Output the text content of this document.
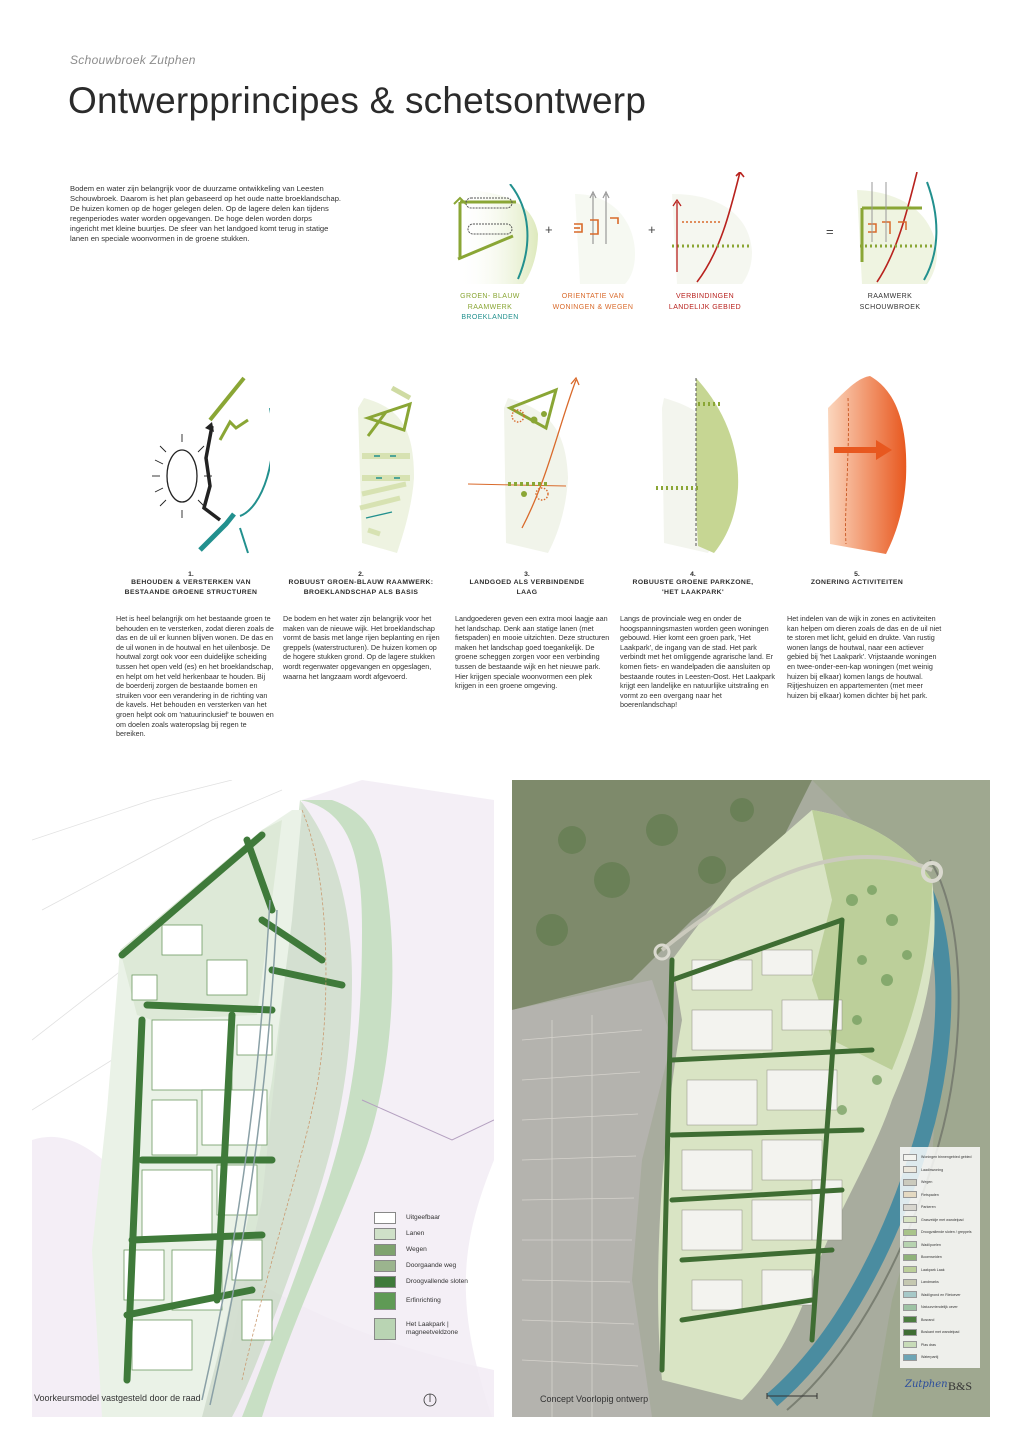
Schouwbroek Zutphen
Ontwerpprincipes & schetsontwerp

Bodem en water zijn belangrijk voor de duurzame ontwikkeling van Leesten Schouwbroek. Daarom is het plan gebaseerd op het oude natte broeklandschap. De huizen komen op de hoger gelegen delen. Op de lagere delen kan tijdens regenperiodes water worden opgevangen. De hoge delen worden dorps ingericht met kleine buurtjes. De sfeer van het landgoed komt terug in statige lanen en speciale woonvormen in de groene stukken.

+	+	=
GROEN- BLAUW
RAAMWERK
BROEKLANDEN
ORIENTATIE VAN
WONINGEN & WEGEN
VERBINDINGEN
LANDELIJK GEBIED
RAAMWERK
SCHOUWBROEK
1.
BEHOUDEN & VERSTERKEN VAN
BESTAANDE GROENE STRUCTUREN

Het is heel belangrijk om het bestaande groen te behouden en te versterken, zodat dieren zoals de das en de uil er kunnen blijven wonen. De das en de uil wonen in de houtwal en het uilenbosje. De houtwal zorgt ook voor een duidelijke scheiding tussen het open veld (es) en het broeklandschap, en helpt om het veld herkenbaar te houden. Bij de boerderij zorgen de bestaande bomen en struiken voor een verandering in de richting van de kavels. Het behouden en versterken van het groen helpt ook om 'natuurinclusief' te bouwen en om doelen zoals wateropslag bij regen te bereiken.

2.
ROBUUST GROEN-BLAUW RAAMWERK:
BROEKLANDSCHAP ALS BASIS

De bodem en het water zijn belangrijk voor het maken van de nieuwe wijk. Het broeklandschap vormt de basis met lange rijen beplanting en rijen greppels (waterstructuren). De huizen komen op de hogere stukken grond. Op de lagere stukken wordt regenwater opgevangen en opgeslagen, waarna het langzaam wordt afgevoerd.

3.
LANDGOED ALS VERBINDENDE
LAAG

Landgoederen geven een extra mooi laagje aan het landschap. Denk aan statige lanen (met fietspaden) en mooie uitzichten. Deze structuren maken het landschap goed toegankelijk. De groene scheggen zorgen voor een verbinding tussen de bestaande wijk en het nieuwe park. Hier krijgen speciale woonvormen een plek krijgen in een groene omgeving.

4.
ROBUUSTE GROENE PARKZONE,
'HET LAAKPARK'

Langs de provinciale weg en onder de hoogspanningsmasten worden geen woningen gebouwd. Hier komt een groen park, 'Het Laakpark', de ingang van de stad. Het park verbindt met het omliggende agrarische land. Er komen fiets- en wandelpaden die aansluiten op bestaande routes in Leesten-Oost. Het Laakpark krijgt een landelijke en natuurlijke uitstraling en vormt zo een overgang naar het boerenlandschap!

5.
ZONERING ACTIVITEITEN

Het indelen van de wijk in zones en activiteiten kan helpen om dieren zoals de das en de uil niet te storen met licht, geluid en drukte. Van rustig wonen langs de houtwal, naar een actiever gebied bij 'het Laakpark'. Vrijstaande woningen en twee-onder-een-kap woningen (met weinig huizen bij elkaar) komen langs de houtwal. Rijtjeshuizen en appartementen (met meer huizen bij elkaar) komen dichter bij het park.

Voorkeursmodel vastgesteld door de raad
Uitgeefbaar
Lanen
Wegen
Doorgaande weg
Droogvallende sloten
Erfinrichting
Het Laakpark |
magneetveldzone
Concept Voorlopig ontwerp
Woningen binnengebied gebied
Laadinwoning
Wegen
Fietspaden
Parkeren
Grasveldje met wandelpad
Droogvallende sloten / greppels
Wadi/poelen
Boomweiden
Laakpark Laak
Landmarks
Wadi/grond en Rietoever
Natuurvriendelijk oever
Bosrand
Boskant met wandelpad
Plas dras
Waterpartij
Zutphen B&S
